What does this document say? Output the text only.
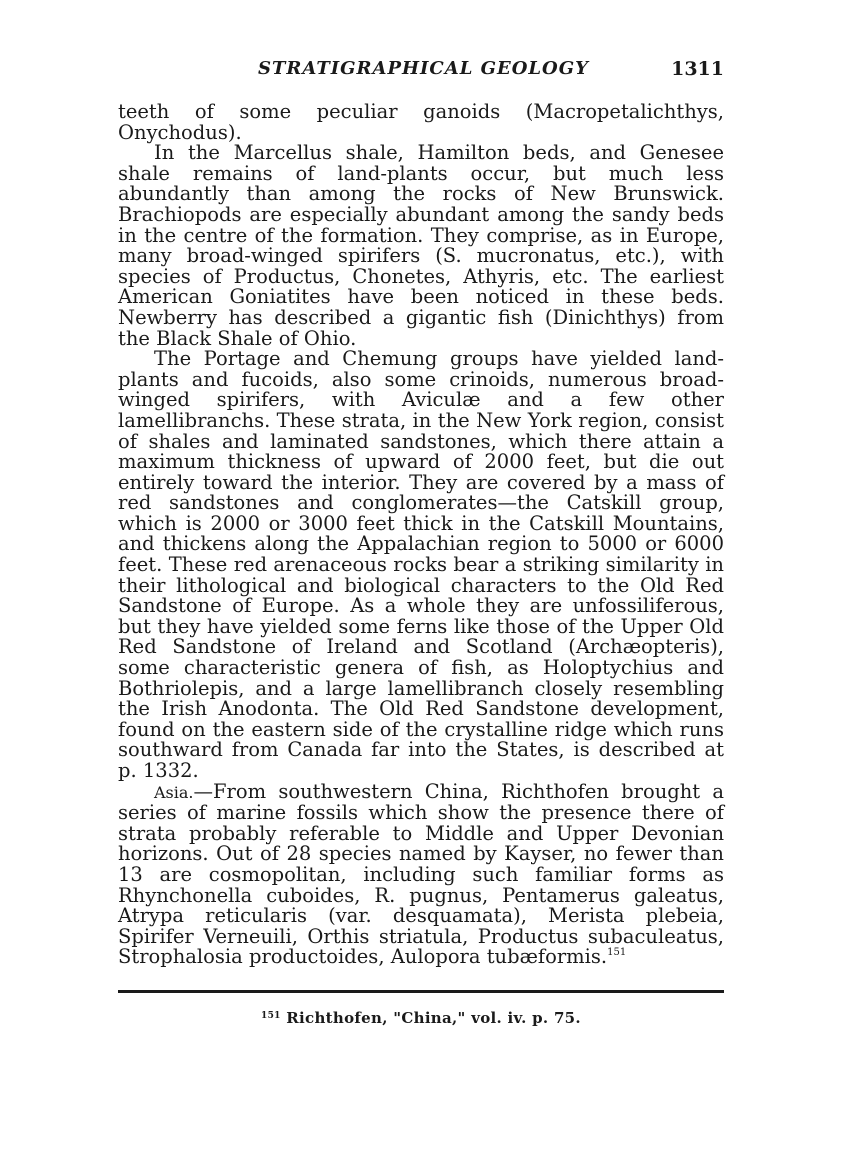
STRATIGRAPHICAL GEOLOGY	1311

teeth of some peculiar ganoids (Macropetalichthys, Onychodus).

In the Marcellus shale, Hamilton beds, and Genesee shale remains of land-plants occur, but much less abundantly than among the rocks of New Brunswick. Brachiopods are especially abundant among the sandy beds in the centre of the formation. They comprise, as in Europe, many broad-winged spirifers (S. mucronatus, etc.), with species of Productus, Chonetes, Athyris, etc. The earliest American Goniatites have been noticed in these beds. Newberry has described a gigantic fish (Dinichthys) from the Black Shale of Ohio.

The Portage and Chemung groups have yielded land-plants and fucoids, also some crinoids, numerous broad-winged spirifers, with Aviculæ and a few other lamellibranchs. These strata, in the New York region, consist of shales and laminated sandstones, which there attain a maximum thickness of upward of 2000 feet, but die out entirely toward the interior. They are covered by a mass of red sandstones and conglomerates—the Catskill group, which is 2000 or 3000 feet thick in the Catskill Mountains, and thickens along the Appalachian region to 5000 or 6000 feet. These red arenaceous rocks bear a striking similarity in their lithological and biological characters to the Old Red Sandstone of Europe. As a whole they are unfossiliferous, but they have yielded some ferns like those of the Upper Old Red Sandstone of Ireland and Scotland (Archæopteris), some characteristic genera of fish, as Holoptychius and Bothriolepis, and a large lamellibranch closely resembling the Irish Anodonta. The Old Red Sandstone development, found on the eastern side of the crystalline ridge which runs southward from Canada far into the States, is described at p. 1332.

Asia.—From southwestern China, Richthofen brought a series of marine fossils which show the presence there of strata probably referable to Middle and Upper Devonian horizons. Out of 28 species named by Kayser, no fewer than 13 are cosmopolitan, including such familiar forms as Rhynchonella cuboides, R. pugnus, Pentamerus galeatus, Atrypa reticularis (var. desquamata), Merista plebeia, Spirifer Verneuili, Orthis striatula, Productus subaculeatus, Strophalosia productoides, Aulopora tubæformis.$^{151}$

$^{151}$ Richthofen, "China," vol. iv. p. 75.
